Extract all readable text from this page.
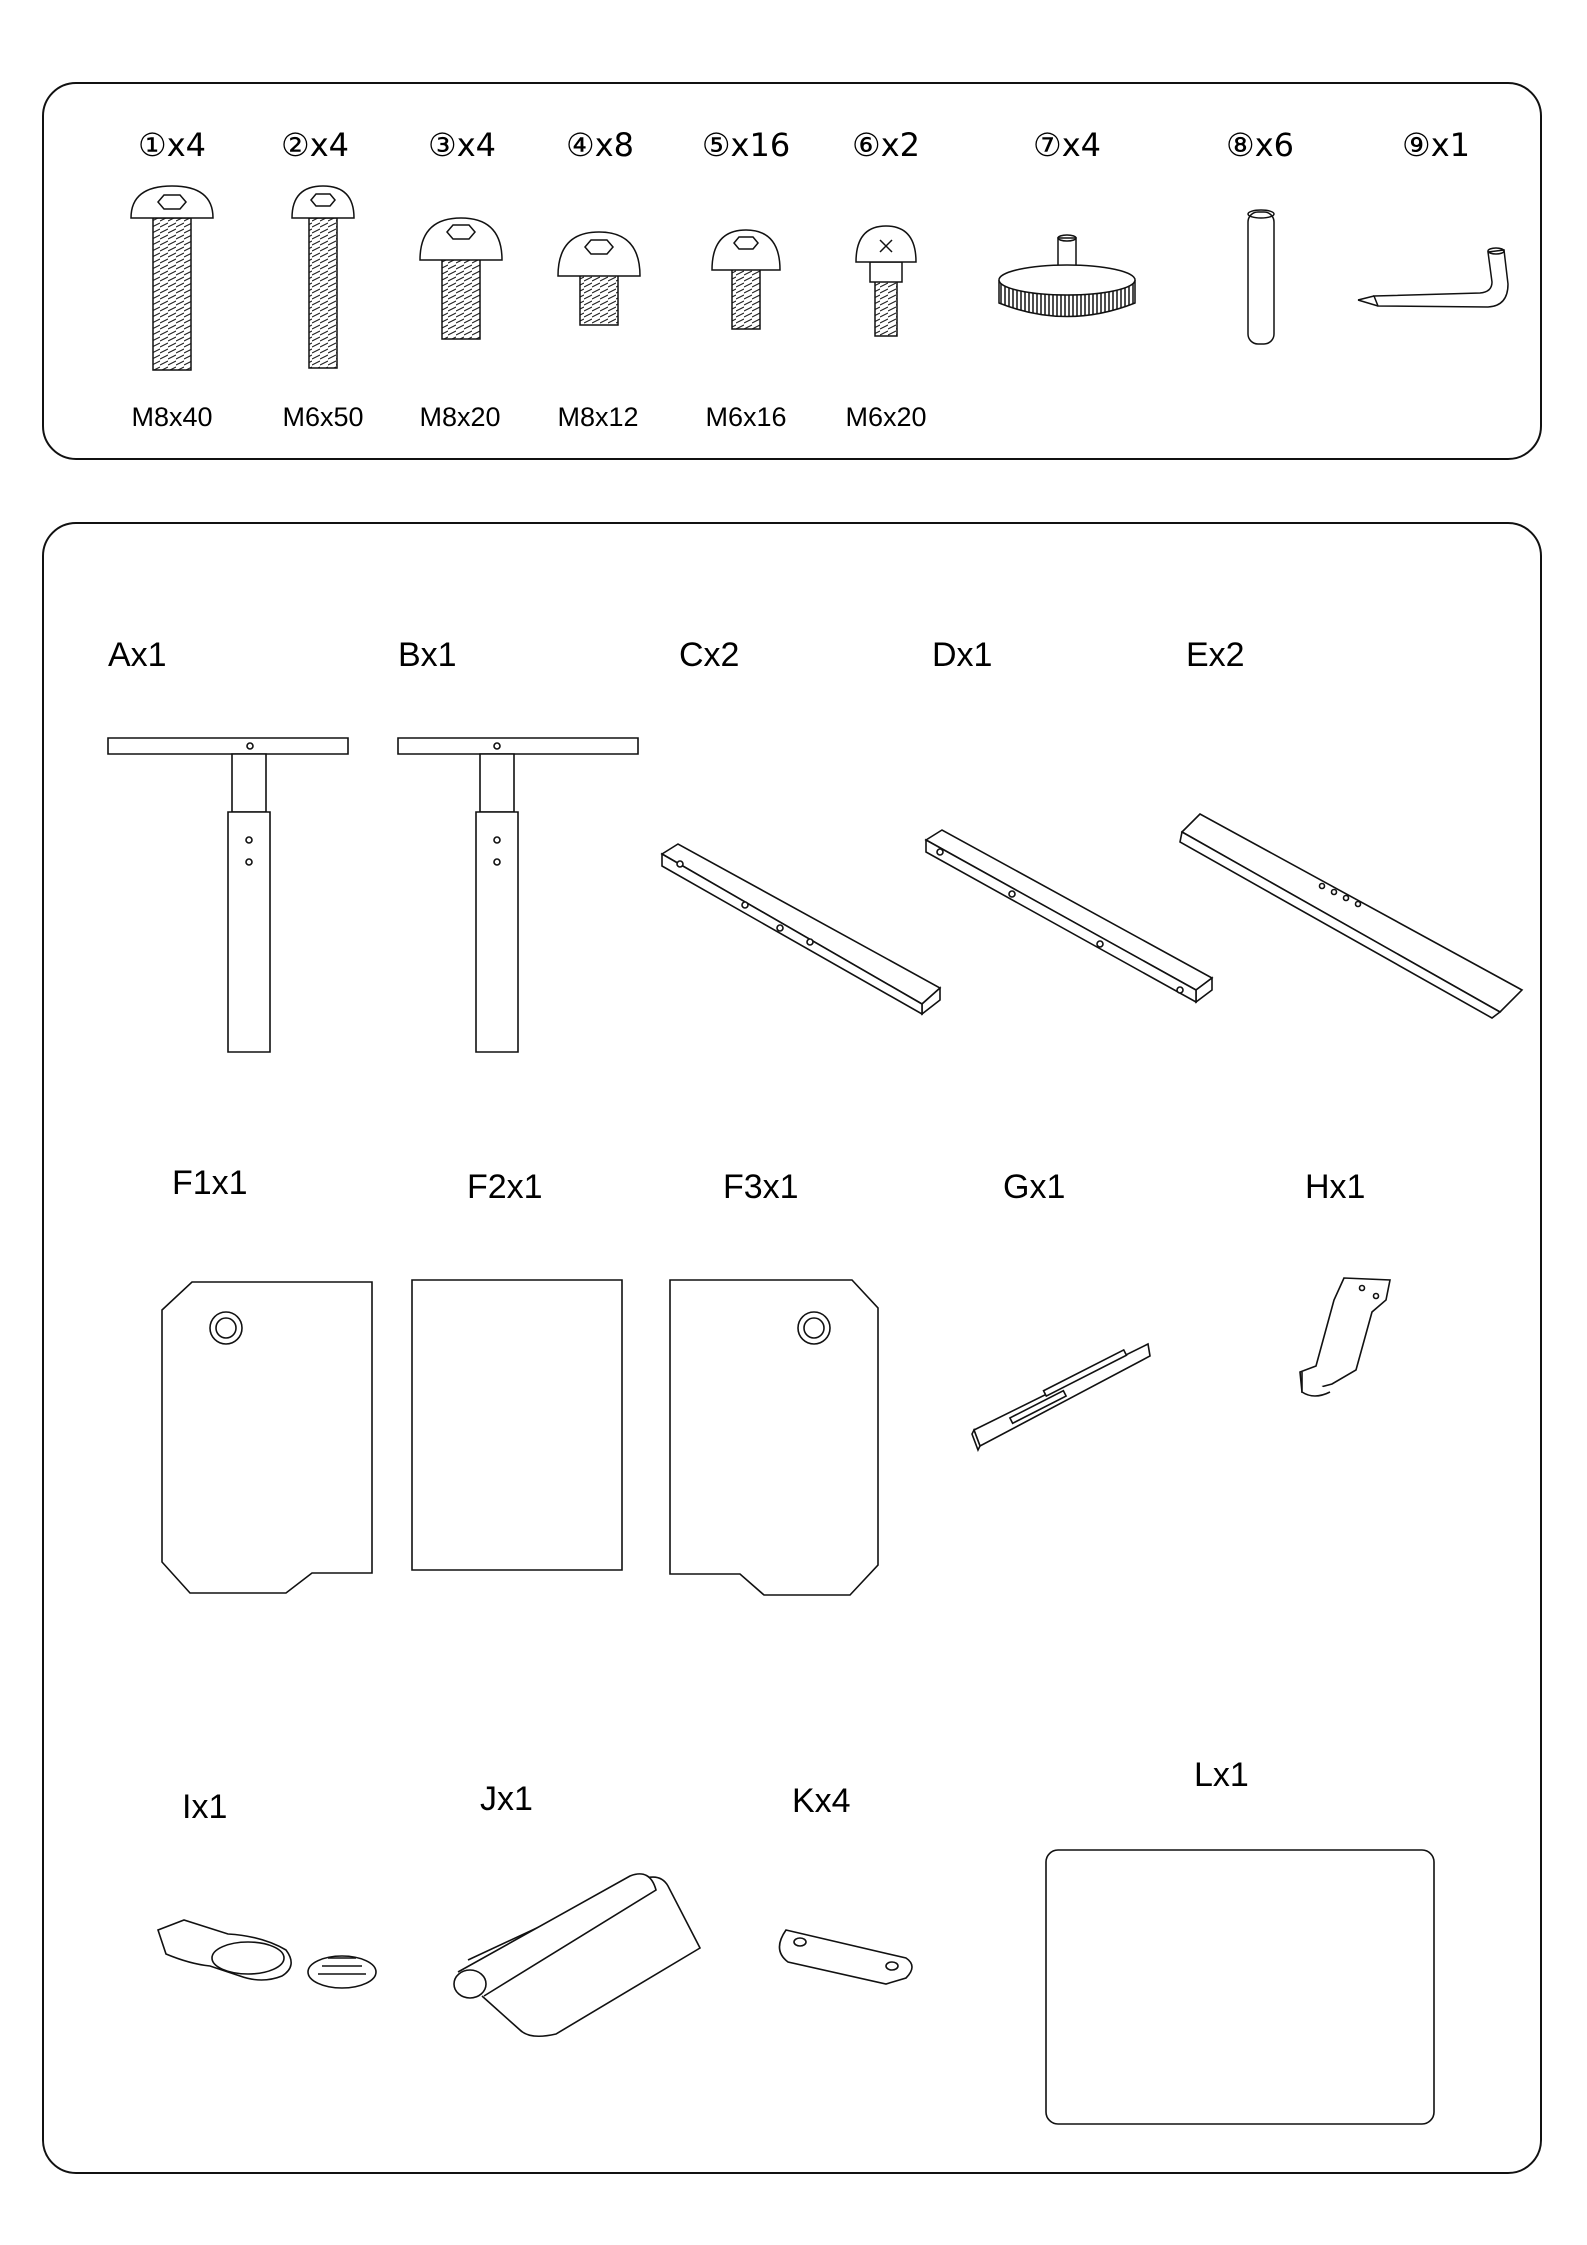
①x4 ②x4 ③x4 ④x8 ⑤x16 ⑥x2	⑦x4	⑧x6	⑨x1
M8x40	M6x50 M8x20 M8x12 M6x16 M6x20
Ax1	Bx1	Cx2	Dx1	Ex2
F1x1	F2x1	F3x1	Gx1	Hx1
Ix1	Jx1	Kx4
Lx1
